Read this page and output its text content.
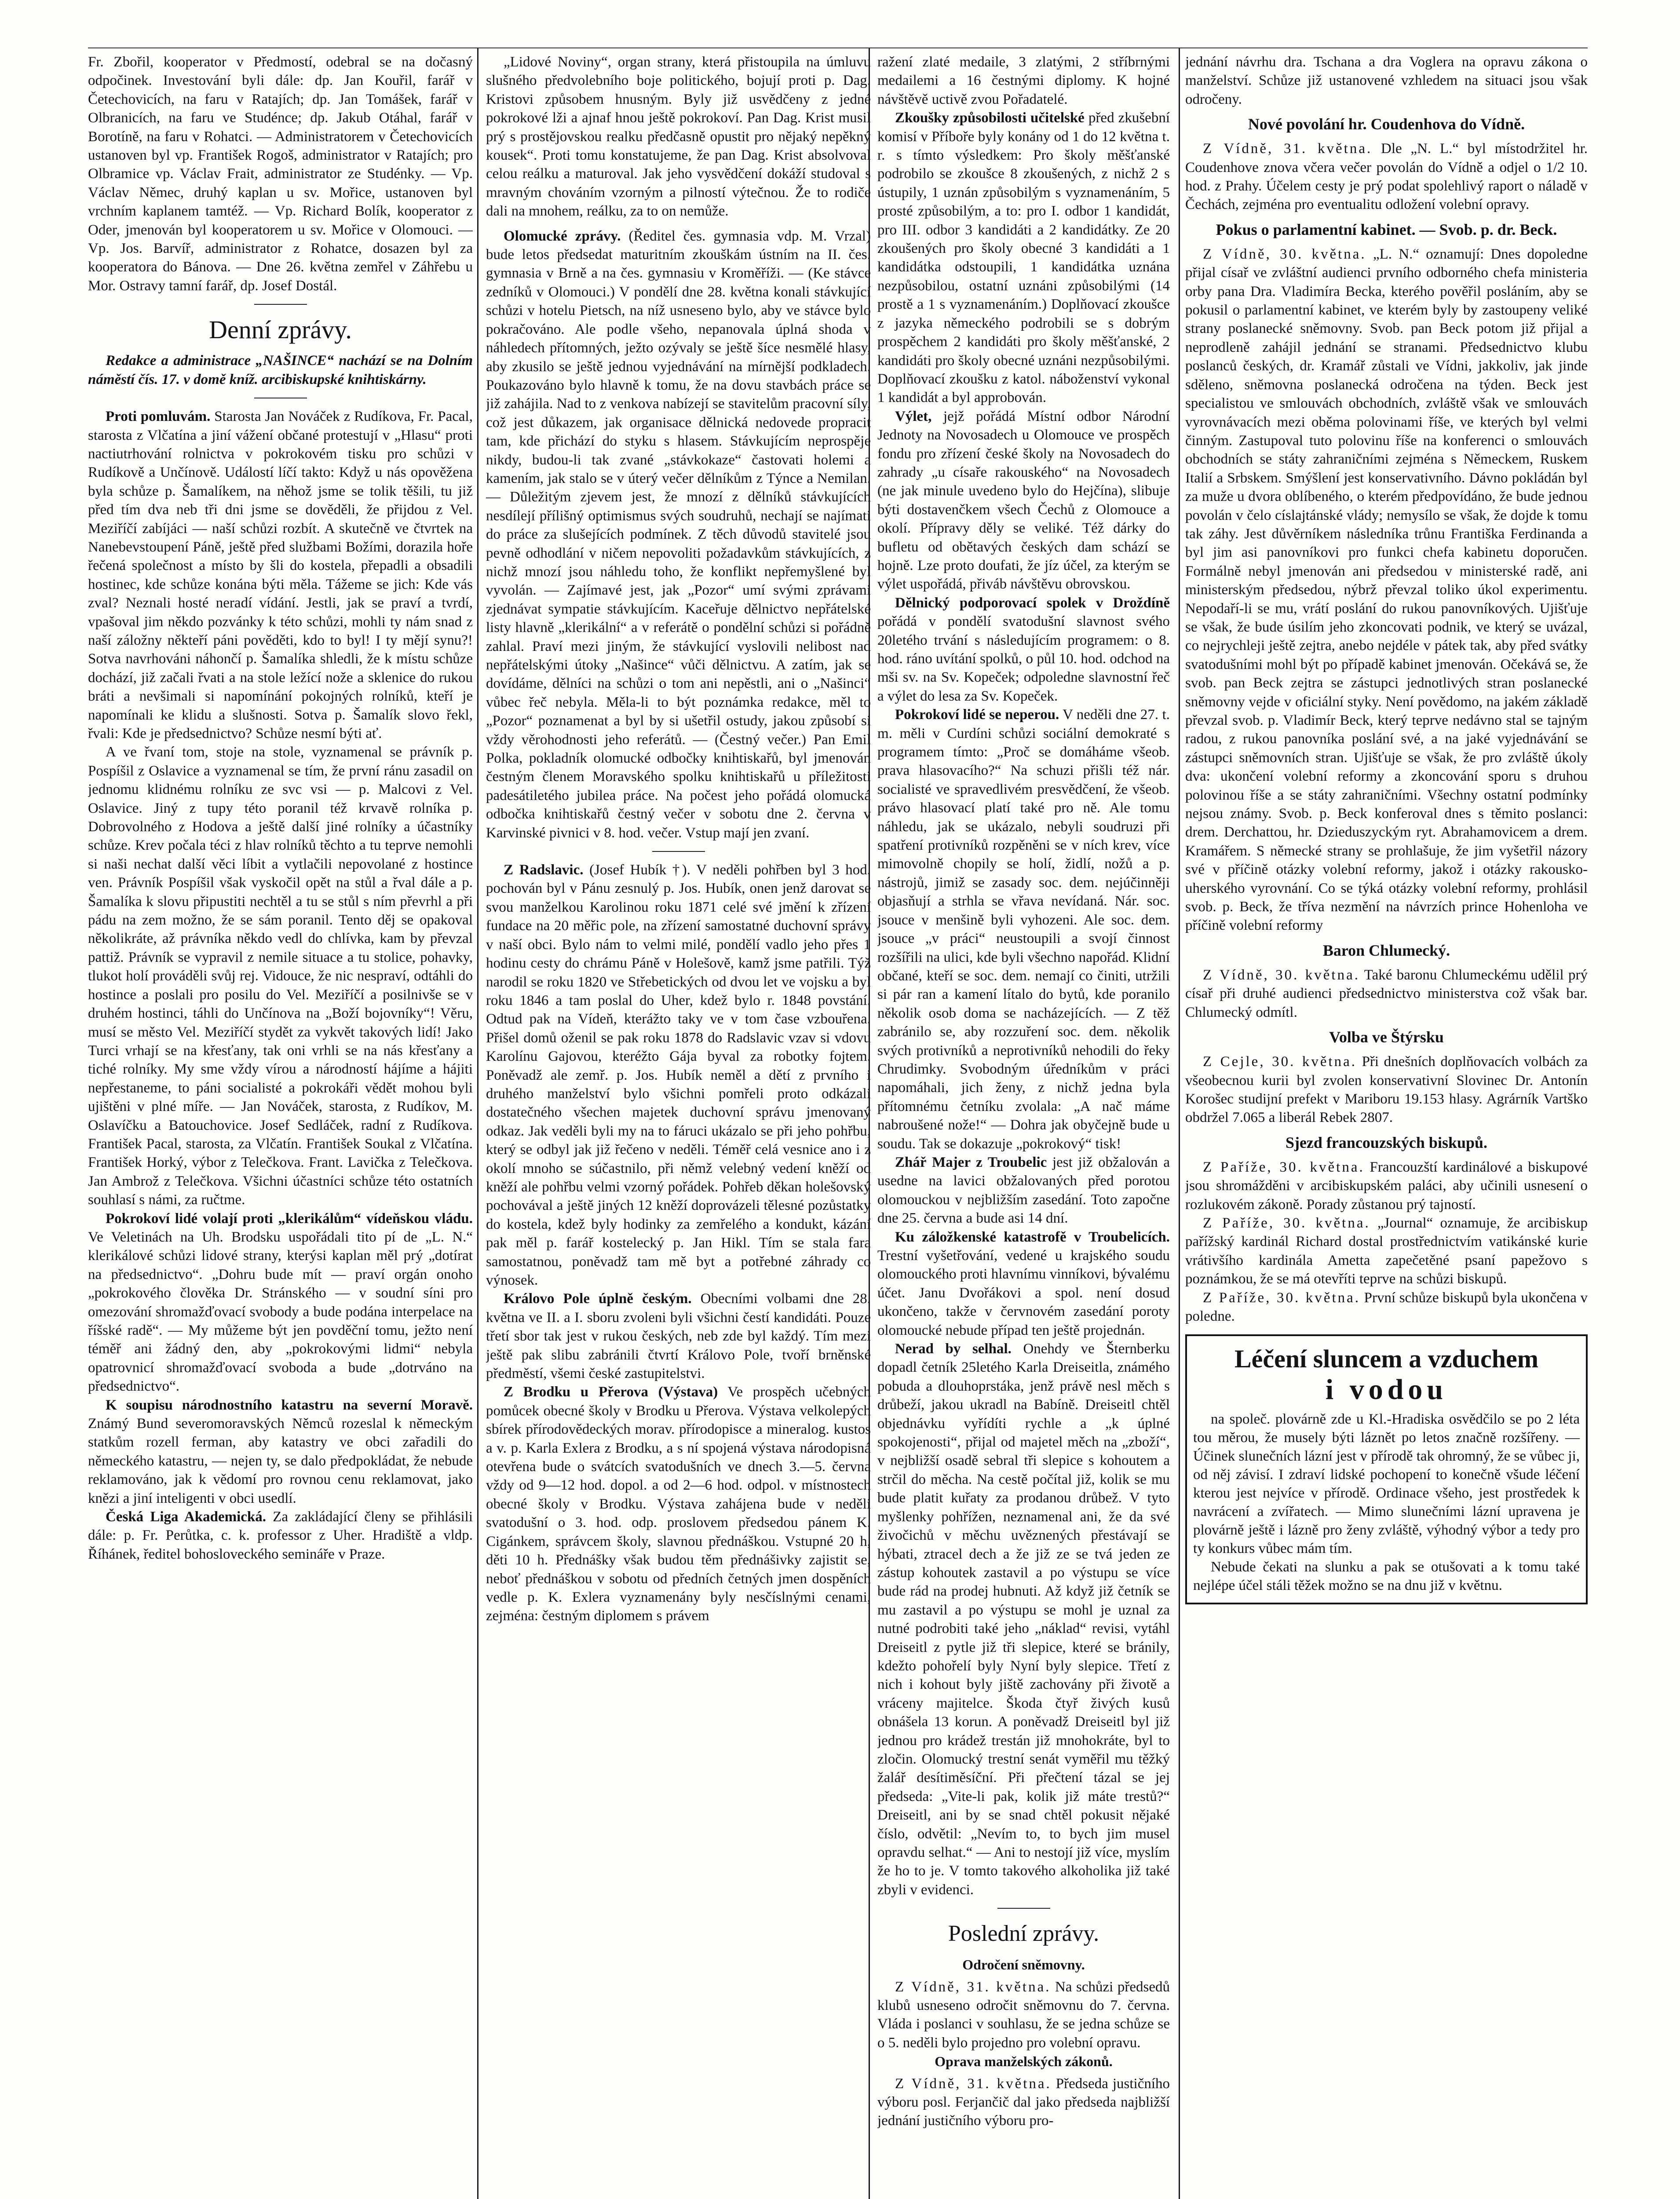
Fr. Zbořil, kooperator v Předmostí, odebral se na dočasný odpočinek. Investování byli dále: dp. Jan Kouřil, farář v Četechovicích, na faru v Ratajích; dp. Jan Tomášek, farář v Olbranicích, na faru ve Studénce; dp. Jakub Otáhal, farář v Borotíně, na faru v Rohatci. — Administratorem v Četechovicích ustanoven byl vp. František Rogoš, administrator v Ratajích; pro Olbramice vp. Václav Frait, administrator ze Studénky. — Vp. Václav Němec, druhý kaplan u sv. Mořice, ustanoven byl vrchním kaplanem tamtéž. — Vp. Richard Bolík, kooperator z Oder, jmenován byl kooperatorem u sv. Mořice v Olomouci. — Vp. Jos. Barvíř, administrator z Rohatce, dosazen byl za kooperatora do Bánova. — Dne 26. května zemřel v Záhřebu u Mor. Ostravy tamní farář, dp. Josef Dostál.

Denní zprávy.

Redakce a administrace „NAŠINCE“ nachází se na Dolním náměstí čís. 17. v domě kníž. arcibiskupské knihtiskárny.

Proti pomluvám. Starosta Jan Nováček z Rudíkova, Fr. Pacal, starosta z Vlčatína a jiní vážení občané protestují v „Hlasu“ proti nactiutrhování rolnictva v pokrokovém tisku pro schůzi v Rudíkově a Unčínově. Událostí líčí takto: Když u nás opověžena byla schůze p. Šamalíkem, na něhož jsme se tolik těšili, tu již před tím dva neb tři dni jsme se dověděli, že přijdou z Vel. Meziříčí zabíjáci — naší schůzi rozbít. A skutečně ve čtvrtek na Nanebevstoupení Páně, ještě před službami Božími, dorazila hoře řečená společnost a místo by šli do kostela, přepadli a obsadili hostinec, kde schůze konána býti měla. Tážeme se jich: Kde vás zval? Neznali hosté neradí vídání. Jestli, jak se praví a tvrdí, vpašoval jim někdo pozvánky k této schůzi, mohli ty nám snad z naší záložny někteří páni pověděti, kdo to byl! I ty mějí synu?! Sotva navrhováni náhončí p. Šamalíka shledli, že k místu schůze dochází, již začali řvati a na stole ležící nože a sklenice do rukou bráti a nevšimali si napomínání pokojných rolníků, kteří je napomínali ke klidu a slušnosti. Sotva p. Šamalík slovo řekl, řvali: Kde je předsednictvo? Schůze nesmí býti ať.

A ve řvaní tom, stoje na stole, vyznamenal se právník p. Pospíšil z Oslavice a vyznamenal se tím, že první ránu zasadil on jednomu klidnému rolníku ze svc vsi — p. Malcovi z Vel. Oslavice. Jiný z tupy této poranil též krvavě rolníka p. Dobrovolného z Hodova a ještě další jiné rolníky a účastníky schůze. Krev počala téci z hlav rolníků těchto a tu teprve nemohli si naši nechat další věci líbit a vytlačili nepovolané z hostince ven. Právník Pospíšil však vyskočil opět na stůl a řval dále a p. Šamalíka k slovu připustiti nechtěl a tu se stůl s ním převrhl a při pádu na zem možno, že se sám poranil. Tento děj se opakoval několikráte, až právníka někdo vedl do chlívka, kam by převzal pattiž. Právník se vypravil z nemile situace a tu stolice, pohavky, tlukot holí prováděli svůj rej. Vidouce, že nic nespraví, odtáhli do hostince a poslali pro posilu do Vel. Meziříčí a posilnivše se v druhém hostinci, táhli do Unčínova na „Boží bojovníky“! Věru, musí se město Vel. Meziříčí stydět za vykvět takových lidí! Jako Turci vrhají se na křesťany, tak oni vrhli se na nás křesťany a tiché rolníky. My sme vždy vírou a národností hájíme a hájiti nepřestaneme, to páni socialisté a pokrokáři vědět mohou byli ujištěni v plné míře. — Jan Nováček, starosta, z Rudíkov, M. Oslavíčku a Batouchovice. Josef Sedláček, radní z Rudíkova. František Pacal, starosta, za Vlčatín. František Soukal z Vlčatína. František Horký, výbor z Telečkova. Frant. Lavička z Telečkova. Jan Ambrož z Telečkova. Všichni účastníci schůze této ostatních souhlasí s námi, za ručtme.

Pokrokoví lidé volají proti „klerikálům“ vídeňskou vládu. Ve Veletinách na Uh. Brodsku uspořádali tito pí de „L. N.“ klerikálové schůzi lidové strany, kterýsi kaplan měl prý „dotírat na předsednictvo“. „Dohru bude mít — praví orgán onoho „pokrokového člověka Dr. Stránského — v soudní síni pro omezování shromažďovací svobody a bude podána interpelace na říšské radě“. — My můžeme být jen povděční tomu, ježto není téměř ani žádný den, aby „pokrokovými lidmi“ nebyla opatrovnicí shromažďovací svoboda a bude „dotrváno na předsednictvo“.

K soupisu národnostního katastru na severní Moravě. Známý Bund severomoravských Němců rozeslal k německým statkům rozell ferman, aby katastry ve obci zařadili do německého katastru, — nejen ty, se dalo předpokládat, že nebude reklamováno, jak k vědomí pro rovnou cenu reklamovat, jako knězi a jiní inteligenti v obci usedlí.

Česká Liga Akademická. Za zakládající členy se přihlásili dále: p. Fr. Perůtka, c. k. professor z Uher. Hradiště a vldp. Říhánek, ředitel bohosloveckého semináře v Praze.

„Lidové Noviny“, organ strany, která přistoupila na úmluvu slušného předvolebního boje politického, bojují proti p. Dag. Kristovi způsobem hnusným. Byly již usvědčeny z jedné pokrokové lži a ajnaf hnou ještě pokrokoví. Pan Dag. Krist musil prý s prostějovskou realku předčasně opustit pro nějaký nepěkný kousek“. Proti tomu konstatujeme, že pan Dag. Krist absolvoval celou reálku a maturoval. Jak jeho vysvědčení dokáží studoval s mravným chováním vzorným a pilností výtečnou. Že to rodiče dali na mnohem, reálku, za to on nemůže.

Olomucké zprávy. (Ředitel čes. gymnasia vdp. M. Vrzal) bude letos předsedat maturitním zkouškám ústním na II. čes. gymnasia v Brně a na čes. gymnasiu v Kroměříži. — (Ke stávce zedníků v Olomouci.) V pondělí dne 28. května konali stávkující schůzi v hotelu Pietsch, na níž usneseno bylo, aby ve stávce bylo pokračováno. Ale podle všeho, nepanovala úplná shoda v náhledech přítomných, ježto ozývaly se ještě šíce nesmělé hlasy, aby zkusilo se ještě jednou vyjednávání na mírnější podkladech. Poukazováno bylo hlavně k tomu, že na dovu stavbách práce se již zahájila. Nad to z venkova nabízejí se stavitelům pracovní síly, což jest důkazem, jak organisace dělnická nedovede propracit tam, kde přichází do styku s hlasem. Stávkujícím neprospěje nikdy, budou-li tak zvané „stávkokaze“ častovati holemi a kamením, jak stalo se v úterý večer dělníkům z Týnce a Nemilan. — Důležitým zjevem jest, že mnozí z dělníků stávkujících nesdílejí přílišný optimismus svých soudruhů, nechají se najímati do práce za slušejících podmínek. Z těch důvodů stavitelé jsou pevně odhodlání v ničem nepovoliti požadavkům stávkujících, z nichž mnozí jsou náhledu toho, že konflikt nepřemyšlené byl vyvolán. — Zajímavé jest, jak „Pozor“ umí svými zprávami zjednávat sympatie stávkujícím. Kaceřuje dělnictvo nepřátelské listy hlavně „klerikální“ a v referátě o pondělní schůzi si pořádně zahlal. Praví mezi jiným, že stávkující vyslovili nelibost nad nepřátelskými útoky „Našince“ vůči dělnictvu. A zatím, jak se dovídáme, dělníci na schůzi o tom ani nepěstli, ani o „Našinci“ vůbec řeč nebyla. Měla-li to být poznámka redakce, měl to „Pozor“ poznamenat a byl by si ušetřil ostudy, jakou způsobí si vždy věrohodnosti jeho referátů. — (Čestný večer.) Pan Emil Polka, pokladník olomucké odbočky knihtiskařů, byl jmenován čestným členem Moravského spolku knihtiskařů u příležitosti padesátiletého jubilea práce. Na počest jeho pořádá olomucká odbočka knihtiskařů čestný večer v sobotu dne 2. června v Karvinské pivnici v 8. hod. večer. Vstup mají jen zvaní.

Z Radslavic. (Josef Hubík †). V neděli pohřben byl 3 hod. pochován byl v Pánu zesnulý p. Jos. Hubík, onen jenž darovat se svou manželkou Karolinou roku 1871 celé své jmění k zřízení fundace na 20 měřic pole, na zřízení samostatné duchovní správy v naší obci. Bylo nám to velmi milé, pondělí vadlo jeho přes 1 hodinu cesty do chrámu Páně v Holešově, kamž jsme patřili. Týž narodil se roku 1820 ve Střebetických od dvou let ve vojsku a byl roku 1846 a tam poslal do Uher, kdež bylo r. 1848 povstání. Odtud pak na Vídeň, kterážto taky ve v tom čase vzbouřena. Přišel domů oženil se pak roku 1878 do Radslavic vzav si vdovu Karolínu Gajovou, kteréžto Gája byval za robotky fojtem. Poněvadž ale zemř. p. Jos. Hubík neměl a dětí z prvního i druhého manželství bylo všichni pomřeli proto odkázali dostatečného všechen majetek duchovní správu jmenovaný odkaz. Jak veděli byli my na to fáruci ukázalo se při jeho pohřbu, který se odbyl jak již řečeno v neděli. Téměř celá vesnice ano i z okolí mnoho se súčastnilo, při němž velebný vedení kněží od kněží ale pohřbu velmi vzorný pořádek. Pohřeb děkan holešovský pochovával a ještě jiných 12 kněží doprovázeli tělesné pozůstatky do kostela, kdež byly hodinky za zemřelého a kondukt, kázání pak měl p. farář kostelecký p. Jan Hikl. Tím se stala fara samostatnou, poněvadž tam mě byt a potřebné záhrady co výnosek.

Královo Pole úplně českým. Obecními volbami dne 28. května ve II. a I. sboru zvoleni byli všichni čestí kandidáti. Pouze třetí sbor tak jest v rukou českých, neb zde byl každý. Tím mezi ještě pak slibu zabránili čtvrtí Královo Pole, tvoří brněnské předměstí, všemi české zastupitelstvi.

Z Brodku u Přerova (Výstava) Ve prospěch učebných pomůcek obecné školy v Brodku u Přerova. Výstava velkolepých sbírek přírodovědeckých morav. přírodopisce a mineralog. kustos a v. p. Karla Exlera z Brodku, a s ní spojená výstava národopisná otevřena bude o svátcích svatodušních ve dnech 3.—5. června vždy od 9—12 hod. dopol. a od 2—6 hod. odpol. v místnostech obecné školy v Brodku. Výstava zahájena bude v neděli svatodušní o 3. hod. odp. proslovem předsedou pánem K. Cigánkem, správcem školy, slavnou přednáškou. Vstupné 20 h, děti 10 h. Přednášky však budou těm přednášivky zajistit se, neboť přednáškou v sobotu od předních četných jmen dospěních vedle p. K. Exlera vyznamenány byly nesčíslnými cenami, zejména: čestným diplomem s právem

ražení zlaté medaile, 3 zlatými, 2 stříbrnými medailemi a 16 čestnými diplomy. K hojné návštěvě uctivě zvou Pořadatelé.

Zkoušky způsobilosti učitelské před zkušební komisí v Příboře byly konány od 1 do 12 května t. r. s tímto výsledkem: Pro školy měšťanské podrobilo se zkoušce 8 zkoušených, z nichž 2 s ústupily, 1 uznán způsobilým s vyznamenáním, 5 prosté způsobilým, a to: pro I. odbor 1 kandidát, pro III. odbor 3 kandidáti a 2 kandidátky. Ze 20 zkoušených pro školy obecné 3 kandidáti a 1 kandidátka odstoupili, 1 kandidátka uznána nezpůsobilou, ostatní uznáni způsobilými (14 prostě a 1 s vyznamenáním.) Doplňovací zkoušce z jazyka německého podrobili se s dobrým prospěchem 2 kandidáti pro školy měšťanské, 2 kandidáti pro školy obecné uznáni nezpůsobilými. Doplňovací zkoušku z katol. náboženství vykonal 1 kandidát a byl approbován.

Výlet, jejž pořádá Místní odbor Národní Jednoty na Novosadech u Olomouce ve prospěch fondu pro zřízení české školy na Novosadech do zahrady „u císaře rakouského“ na Novosadech (ne jak minule uvedeno bylo do Hejčína), slibuje býti dostavenčkem všech Čechů z Olomouce a okolí. Přípravy děly se veliké. Též dárky do bufletu od obětavých českých dam schází se hojně. Lze proto doufati, že jíz účel, za kterým se výlet uspořádá, přiváb návštěvu obrovskou.

Dělnický podporovací spolek v Droždíně pořádá v pondělí svatodušní slavnost svého 20letého trvání s následujícím programem: o 8. hod. ráno uvítání spolků, o půl 10. hod. odchod na mši sv. na Sv. Kopeček; odpoledne slavnostní řeč a výlet do lesa za Sv. Kopeček.

Pokrokoví lidé se neperou. V neděli dne 27. t. m. měli v Curdíni schůzi sociální demokraté s programem tímto: „Proč se domáháme všeob. prava hlasovacího?“ Na schuzi přišli též nár. socialisté ve spravedlivém presvědčení, že všeob. právo hlasovací platí také pro ně. Ale tomu náhledu, jak se ukázalo, nebyli soudruzi při spatření protivníků rozpěněni se v ních krev, více mimovolně chopily se holí, židlí, nožů a p. nástrojů, jimiž se zasady soc. dem. nejúčinněji objasňují a strhla se vřava nevídaná. Nár. soc. jsouce v menšině byli vyhozeni. Ale soc. dem. jsouce „v práci“ neustoupili a svojí činnost rozšířili na ulici, kde byli všechno napořád. Klidní občané, kteří se soc. dem. nemají co činiti, utržili si pár ran a kamení lítalo do bytů, kde poranilo několik osob doma se nacházejících. — Z těž zabránilo se, aby rozzuření soc. dem. několik svých protivníků a neprotivníků nehodili do řeky Chrudimky. Svobodným úředníkům v práci napomáhali, jich ženy, z nichž jedna byla přítomnému četníku zvolala: „A nač máme nabroušené nože!“ — Dohra jak obyčejně bude u soudu. Tak se dokazuje „pokrokový“ tisk!

Zhář Majer z Troubelic jest již obžalován a usedne na lavici obžalovaných před porotou olomouckou v nejbližším zasedání. Toto započne dne 25. června a bude asi 14 dní.

Ku záložkenské katastrofě v Troubelicích. Trestní vyšetřování, vedené u krajského soudu olomouckého proti hlavnímu vinníkovi, bývalému účet. Janu Dvořákovi a spol. není dosud ukončeno, takže v červnovém zasedání poroty olomoucké nebude případ ten ještě projednán.

Nerad by selhal. Onehdy ve Šternberku dopadl četník 25letého Karla Dreiseitla, známého pobuda a dlouhoprstáka, jenž právě nesl měch s drůbeží, jakou ukradl na Babíně. Dreiseitl chtěl objednávku vyřídíti rychle a „k úplné spokojenosti“, přijal od majetel měch na „zboží“, v nejbližší osadě sebral tři slepice s kohoutem a strčil do měcha. Na cestě počítal již, kolik se mu bude platit kuřaty za prodanou drůbež. V tyto myšlenky pohřížen, neznamenal ani, že da své živočichů v měchu uvěznených přestávají se hýbati, ztracel dech a že již ze se tvá jeden ze zástup kohoutek zastavil a po výstupu se více bude rád na prodej hubnuti. Až když již četník se mu zastavil a po výstupu se mohl je uznal za nutné podrobiti také jeho „náklad“ revisi, vytáhl Dreiseitl z pytle již tři slepice, které se bránily, kdežto pohořelí byly Nyní byly slepice. Třetí z nich i kohout byly jiště zachovány při životě a vráceny majitelce. Škoda čtyř živých kusů obnášela 13 korun. A poněvadž Dreiseitl byl již jednou pro krádež trestán již mnohokráte, byl to zločin. Olomucký trestní senát vyměřil mu těžký žalář desítiměsíční. Při přečtení tázal se jej předseda: „Vite-li pak, kolik již máte trestů?“ Dreiseitl, ani by se snad chtěl pokusit nějaké číslo, odvětil: „Nevím to, to bych jim musel opravdu selhat.“ — Ani to nestojí již více, myslím že ho to je. V tomto takového alkoholika již také zbyli v evidenci.

Poslední zprávy.
Odročení sněmovny.

Z Vídně, 31. května. Na schůzi předsedů klubů usneseno odročit sněmovnu do 7. června. Vláda i poslanci v souhlasu, že se jedna schůze se o 5. neděli bylo projedno pro volební opravu.

Oprava manželských zákonů.

Z Vídně, 31. května. Předseda justičního výboru posl. Ferjančič dal jako předseda najbližší jednání justičního výboru pro-

jednání návrhu dra. Tschana a dra Voglera na opravu zákona o manželství. Schůze již ustanovené vzhledem na situaci jsou však odročeny.

Nové povolání hr. Coudenhova do Vídně.

Z Vídně, 31. května. Dle „N. L.“ byl místodržitel hr. Coudenhove znova včera večer povolán do Vídně a odjel o 1/2 10. hod. z Prahy. Účelem cesty je prý podat spolehlivý raport o náladě v Čechách, zejména pro eventualitu odložení volební opravy.

Pokus o parlamentní kabinet. — Svob. p. dr. Beck.

Z Vídně, 30. května. „L. N.“ oznamují: Dnes dopoledne přijal císař ve zvláštní audienci prvního odborného chefa ministeria orby pana Dra. Vladimíra Becka, kterého pověřil posláním, aby se pokusil o parlamentní kabinet, ve kterém byly by zastoupeny veliké strany poslanecké sněmovny. Svob. pan Beck potom již přijal a neprodleně zahájil jednání se stranami. Předsednictvo klubu poslanců českých, dr. Kramář zůstali ve Vídni, jakkoliv, jak jinde sděleno, sněmovna poslanecká odročena na týden. Beck jest specialistou ve smlouvách obchodních, zvláště však ve smlouvách vyrovnávacích mezi oběma polovinami říše, ve kterých byl velmi činným. Zastupoval tuto polovinu říše na konferenci o smlouvách obchodních se státy zahraničními zejména s Německem, Ruskem Italií a Srbskem. Smýšlení jest konservativního. Dávno pokládán byl za muže u dvora oblíbeného, o kterém předpovídáno, že bude jednou povolán v čelo císlajtánské vlády; nemysílo se však, že dojde k tomu tak záhy. Jest důvěrníkem následníka trůnu Františka Ferdinanda a byl jim asi panovníkovi pro funkci chefa kabinetu doporučen. Formálně nebyl jmenován ani předsedou v ministerské radě, ani ministerským předsedou, nýbrž převzal toliko úkol experimentu. Nepodaří-li se mu, vrátí poslání do rukou panovníkových. Ujišťuje se však, že bude úsilím jeho zkoncovati podnik, ve který se uvázal, co nejrychleji ještě zejtra, anebo nejdéle v pátek tak, aby před svátky svatodušními mohl být po případě kabinet jmenován. Očekává se, že svob. pan Beck zejtra se zástupci jednotlivých stran poslanecké sněmovny vejde v oficiální styky. Není povědomo, na jakém základě převzal svob. p. Vladimír Beck, který teprve nedávno stal se tajným radou, z rukou panovníka poslání své, a na jaké vyjednávání se zástupci sněmovních stran. Ujišťuje se však, že pro zvláště úkoly dva: ukončení volební reformy a zkoncování sporu s druhou polovinou říše a se státy zahraničními. Všechny ostatní podmínky nejsou známy. Svob. p. Beck konferoval dnes s těmito poslanci: drem. Derchattou, hr. Dzieduszyckým ryt. Abrahamovicem a drem. Kramářem. S německé strany se prohlašuje, že jim vyšetřil názory své v příčině otázky volební reformy, jakož i otázky rakousko-uherského vyrovnání. Co se týká otázky volební reformy, prohlásil svob. p. Beck, že tříva nezmění na návrzích prince Hohenloha ve příčině volební reformy

Baron Chlumecký.

Z Vídně, 30. května. Také baronu Chlumeckému udělil prý císař při druhé audienci předsednictvo ministerstva což však bar. Chlumecký odmítl.

Volba ve Štýrsku

Z Cejle, 30. května. Při dnešních doplňovacích volbách za všeobecnou kurii byl zvolen konservativní Slovinec Dr. Antonín Korošec studijní prefekt v Mariboru 19.153 hlasy. Agrárník Vartško obdržel 7.065 a liberál Rebek 2807.

Sjezd francouzských biskupů.

Z Paříže, 30. května. Francouzští kardinálové a biskupové jsou shromážděni v arcibiskupském paláci, aby učinili usnesení o rozlukovém zákoně. Porady zůstanou prý tajností.

Z Paříže, 30. května. „Journal“ oznamuje, že arcibiskup pařížský kardinál Richard dostal prostřednictvím vatikánské kurie vrátivšího kardinála Ametta zapečetěné psaní papežovo s poznámkou, že se má otevříti teprve na schůzi biskupů.

Z Paříže, 30. května. První schůze biskupů byla ukončena v poledne.

Léčení sluncem a vzduchem
i vodou

na společ. plovárně zde u Kl.-Hradiska osvědčilo se po 2 léta tou měrou, že musely býti láznět po letos značně rozšířeny. — Účinek slunečních lázní jest v přírodě tak ohromný, že se vůbec ji, od něj závisí. I zdraví lidské pochopení to konečně všude léčení kterou jest nejvíce v přírodě. Ordinace všeho, jest prostředek k navrácení a zvířatech. — Mimo slunečními lázní upravena je plovárně ještě i lázně pro ženy zvláště, výhodný výbor a tedy pro ty konkurs vůbec mám tím.

Nebude čekati na slunku a pak se otušovati a k tomu také nejlépe účel stáli těžek možno se na dnu již v květnu.
